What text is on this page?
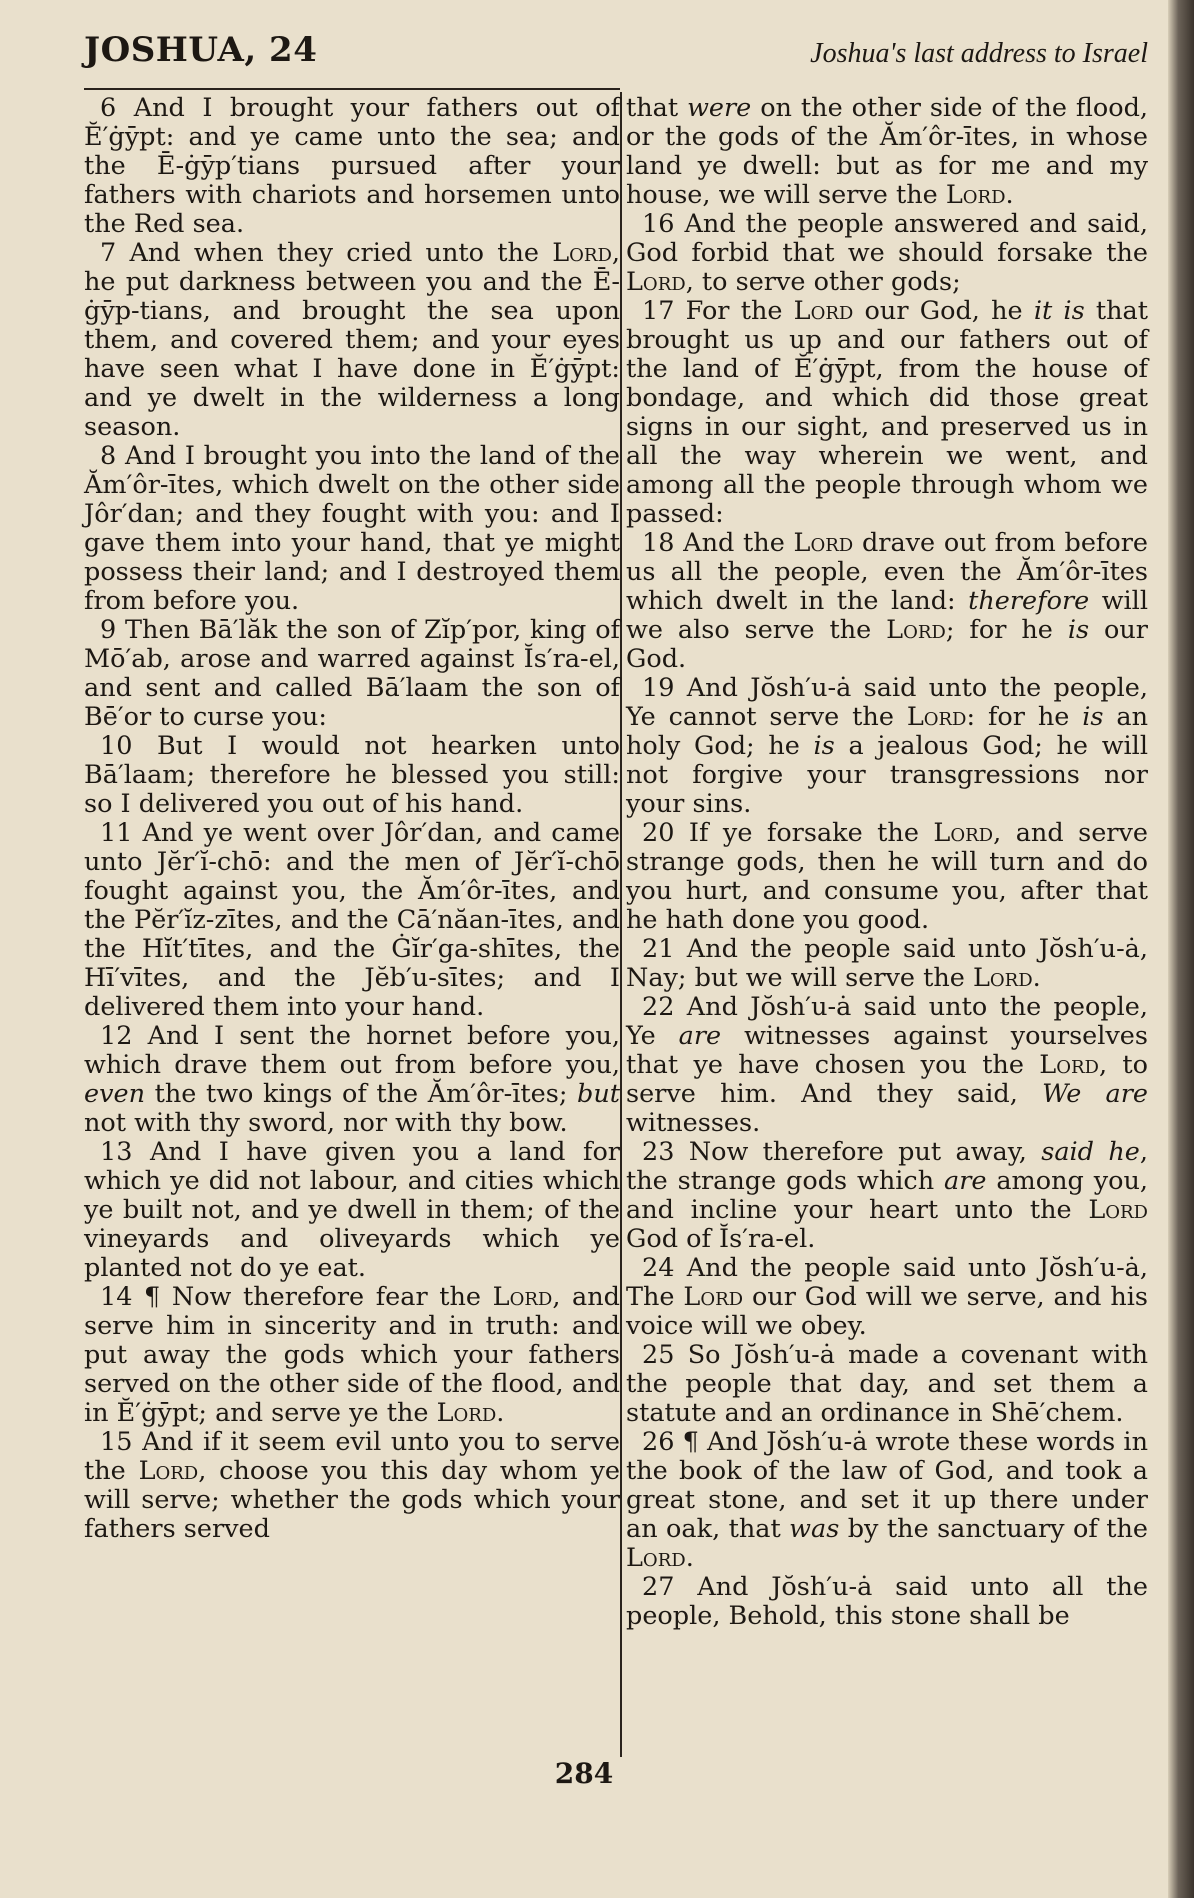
JOSHUA, 24	Joshua's last address to Israel

6 And I brought your fathers out of Ĕ′ġȳpt: and ye came unto the sea; and the Ē-ġȳp′tians pursued after your fathers with chariots and horsemen unto the Red sea.

7 And when they cried unto the Lord, he put darkness between you and the Ē-ġȳp-tians, and brought the sea upon them, and covered them; and your eyes have seen what I have done in Ĕ′ġȳpt: and ye dwelt in the wilderness a long season.

8 And I brought you into the land of the Ăm′ôr-ītes, which dwelt on the other side Jôr′dan; and they fought with you: and I gave them into your hand, that ye might possess their land; and I destroyed them from before you.

9 Then Bā′lăk the son of Zĭp′por, king of Mō′ab, arose and warred against Ĭs′ra-el, and sent and called Bā′laam the son of Bē′or to curse you:

10 But I would not hearken unto Bā′laam; therefore he blessed you still: so I delivered you out of his hand.

11 And ye went over Jôr′dan, and came unto Jĕr′ĭ-chō: and the men of Jĕr′ĭ-chō fought against you, the Ăm′ôr-ītes, and the Pĕr′ĭz-zītes, and the Cā′năan-ītes, and the Hĭt′tītes, and the Ġĭr′ga-shītes, the Hī′vītes, and the Jĕb′u-sītes; and I delivered them into your hand.

12 And I sent the hornet before you, which drave them out from before you, even the two kings of the Ăm′ôr-ītes; but not with thy sword, nor with thy bow.

13 And I have given you a land for which ye did not labour, and cities which ye built not, and ye dwell in them; of the vineyards and oliveyards which ye planted not do ye eat.

14 ¶ Now therefore fear the Lord, and serve him in sincerity and in truth: and put away the gods which your fathers served on the other side of the flood, and in Ĕ′ġȳpt; and serve ye the Lord.

15 And if it seem evil unto you to serve the Lord, choose you this day whom ye will serve; whether the gods which your fathers served

that were on the other side of the flood, or the gods of the Ăm′ôr-ītes, in whose land ye dwell: but as for me and my house, we will serve the Lord.

16 And the people answered and said, God forbid that we should forsake the Lord, to serve other gods;

17 For the Lord our God, he it is that brought us up and our fathers out of the land of Ĕ′ġȳpt, from the house of bondage, and which did those great signs in our sight, and preserved us in all the way wherein we went, and among all the people through whom we passed:

18 And the Lord drave out from before us all the people, even the Ăm′ôr-ītes which dwelt in the land: therefore will we also serve the Lord; for he is our God.

19 And Jŏsh′u-ȧ said unto the people, Ye cannot serve the Lord: for he is an holy God; he is a jealous God; he will not forgive your transgressions nor your sins.

20 If ye forsake the Lord, and serve strange gods, then he will turn and do you hurt, and consume you, after that he hath done you good.

21 And the people said unto Jŏsh′u-ȧ, Nay; but we will serve the Lord.

22 And Jŏsh′u-ȧ said unto the people, Ye are witnesses against yourselves that ye have chosen you the Lord, to serve him. And they said, We are witnesses.

23 Now therefore put away, said he, the strange gods which are among you, and incline your heart unto the Lord God of Ĭs′ra-el.

24 And the people said unto Jŏsh′u-ȧ, The Lord our God will we serve, and his voice will we obey.

25 So Jŏsh′u-ȧ made a covenant with the people that day, and set them a statute and an ordinance in Shē′chem.

26 ¶ And Jŏsh′u-ȧ wrote these words in the book of the law of God, and took a great stone, and set it up there under an oak, that was by the sanctuary of the Lord.

27 And Jŏsh′u-ȧ said unto all the people, Behold, this stone shall be

284
